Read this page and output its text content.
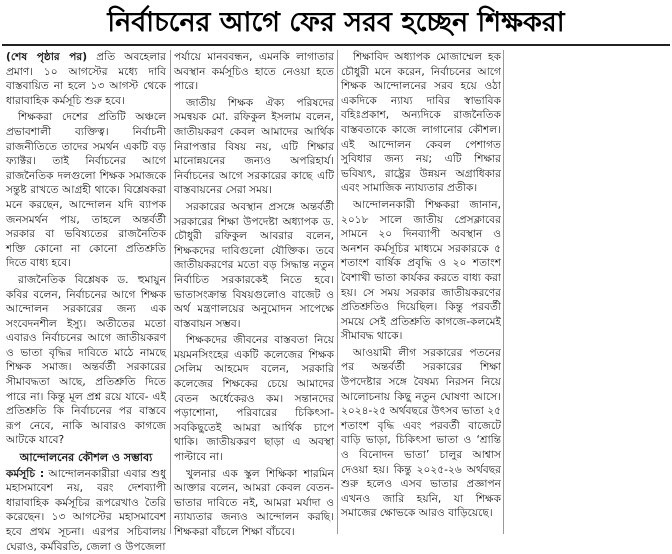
নির্বাচনের আগে ফের সরব হচ্ছেন শিক্ষকরা

(শেষ পৃষ্ঠার পর) প্রতি অবহেলার প্রমাণ। ১০ আগস্টের মধ্যে দাবি বাস্তবায়িত না হলে ১৩ আগস্ট থেকে ধারাবাহিক কর্মসূচি শুরু হবে।

শিক্ষকরা দেশের প্রতিটি অঞ্চলে প্রভাবশালী ব্যক্তিত্ব। নির্বাচনী রাজনীতিতে তাদের সমর্থন একটি বড় ফ্যাক্টর। তাই নির্বাচনের আগে রাজনৈতিক দলগুলো শিক্ষক সমাজকে সন্তুষ্ট রাখতে আগ্রহী থাকে। বিশ্লেষকরা মনে করছেন, আন্দোলন যদি ব্যাপক জনসমর্থন পায়, তাহলে অন্তর্বর্তী সরকার বা ভবিষ্যতের রাজনৈতিক শক্তি কোনো না কোনো প্রতিশ্রুতি দিতে বাধ্য হবে।

রাজনৈতিক বিশ্লেষক ড. হুমায়ুন কবির বলেন, নির্বাচনের আগে শিক্ষক আন্দোলন সরকারের জন্য এক সংবেদনশীল ইস্যু। অতীতের মতো এবারও নির্বাচনের আগে জাতীয়করণ ও ভাতা বৃদ্ধির দাবিতে মাঠে নামছে শিক্ষক সমাজ। অন্তর্বর্তী সরকারের সীমাবদ্ধতা আছে, প্রতিশ্রুতি দিতে পারে না। কিন্তু মূল প্রশ্ন রয়ে যাবে- এই প্রতিশ্রুতি কি নির্বাচনের পর বাস্তবে রূপ নেবে, নাকি আবারও কাগজে আটকে যাবে?

আন্দোলনের কৌশল ও সম্ভাব্য

কর্মসূচি : আন্দোলনকারীরা এবার শুধু মহাসমাবেশ নয়, বরং দেশব্যাপী ধারাবাহিক কর্মসূচির রূপরেখাও তৈরি করেছেন। ১৩ আগস্টের মহাসমাবেশ হবে প্রথম সূচনা। এরপর সচিবালয় ঘেরাও, কর্মবিরতি, জেলা ও উপজেলা

পর্যায়ে মানববন্ধন, এমনকি লাগাতার অবস্থান কর্মসূচিও হাতে নেওয়া হতে পারে।

জাতীয় শিক্ষক ঐক্য পরিষদের সমন্বয়ক মো. রফিকুল ইসলাম বলেন, জাতীয়করণ কেবল আমাদের আর্থিক নিরাপত্তার বিষয় নয়, এটি শিক্ষার মানোন্নয়নের জন্যও অপরিহার্য। নির্বাচনের আগে সরকারের কাছে এটি বাস্তবায়নের সেরা সময়।

সরকারের অবস্থান প্রসঙ্গে অন্তর্বর্তী সরকারের শিক্ষা উপদেষ্টা অধ্যাপক ড. চৌধুরী রফিকুল আবরার বলেন, শিক্ষকদের দাবিগুলো যৌক্তিক। তবে জাতীয়করণের মতো বড় সিদ্ধান্ত নতুন নির্বাচিত সরকারকেই নিতে হবে। ভাতাসংক্রান্ত বিষয়গুলোও বাজেট ও অর্থ মন্ত্রণালয়ের অনুমোদন সাপেক্ষে বাস্তবায়ন সম্ভব।

শিক্ষকদের জীবনের বাস্তবতা নিয়ে ময়মনসিংহের একটি কলেজের শিক্ষক সেলিম আহমেদ বলেন, সরকারি কলেজের শিক্ষকের চেয়ে আমাদের বেতন অর্ধেকেরও কম। সন্তানদের পড়াশোনা, পরিবারের চিকিৎসা- সবকিছুতেই আমরা আর্থিক চাপে থাকি। জাতীয়করণ ছাড়া এ অবস্থা পাল্টাবে না।

খুলনার এক স্কুল শিক্ষিকা শারমিন আক্তার বলেন, আমরা কেবল বেতন-ভাতার দাবিতে নই, আমরা মর্যাদা ও ন্যায্যতার জন্যও আন্দোলন করছি। শিক্ষকরা বাঁচলে শিক্ষা বাঁচবে।

শিক্ষাবিদ অধ্যাপক মোজাম্মেল হক চৌধুরী মনে করেন, নির্বাচনের আগে শিক্ষক আন্দোলনের সরব হয়ে ওঠা একদিকে ন্যায্য দাবির স্বাভাবিক বহিঃপ্রকাশ, অন্যদিকে রাজনৈতিক বাস্তবতাকে কাজে লাগানোর কৌশল। এই আন্দোলন কেবল পেশাগত সুবিধার জন্য নয়; এটি শিক্ষার ভবিষ্যৎ, রাষ্ট্রের উন্নয়ন অগ্রাধিকার এবং সামাজিক ন্যায্যতার প্রতীক।

আন্দোলনকারী শিক্ষকরা জানান, ২০১৮ সালে জাতীয় প্রেসক্লাবের সামনে ২০ দিনব্যাপী অবস্থান ও অনশন কর্মসূচির মাধ্যমে সরকারকে ৫ শতাংশ বার্ষিক প্রবৃদ্ধি ও ২০ শতাংশ বৈশাখী ভাতা কার্যকর করতে বাধ্য করা হয়। সে সময় সরকার জাতীয়করণের প্রতিশ্রুতিও দিয়েছিল। কিন্তু পরবর্তী সময়ে সেই প্রতিশ্রুতি কাগজে-কলমেই সীমাবদ্ধ থাকে।

আওয়ামী লীগ সরকারের পতনের পর অন্তর্বর্তী সরকারের শিক্ষা উপদেষ্টার সঙ্গে বৈষম্য নিরসন নিয়ে আলোচনায় কিছু নতুন ঘোষণা আসে। ২০২৪-২৫ অর্থবছরে উৎসব ভাতা ২৫ শতাংশ বৃদ্ধি এবং পরবর্তী বাজেটে বাড়ি ভাড়া, চিকিৎসা ভাতা ও ‘শ্রান্তি ও বিনোদন ভাতা’ চালুর আশ্বাস দেওয়া হয়। কিন্তু ২০২৫-২৬ অর্থবছর শুরু হলেও এসব ভাতার প্রজ্ঞাপন এখনও জারি হয়নি, যা শিক্ষক সমাজের ক্ষোভকে আরও বাড়িয়েছে।
